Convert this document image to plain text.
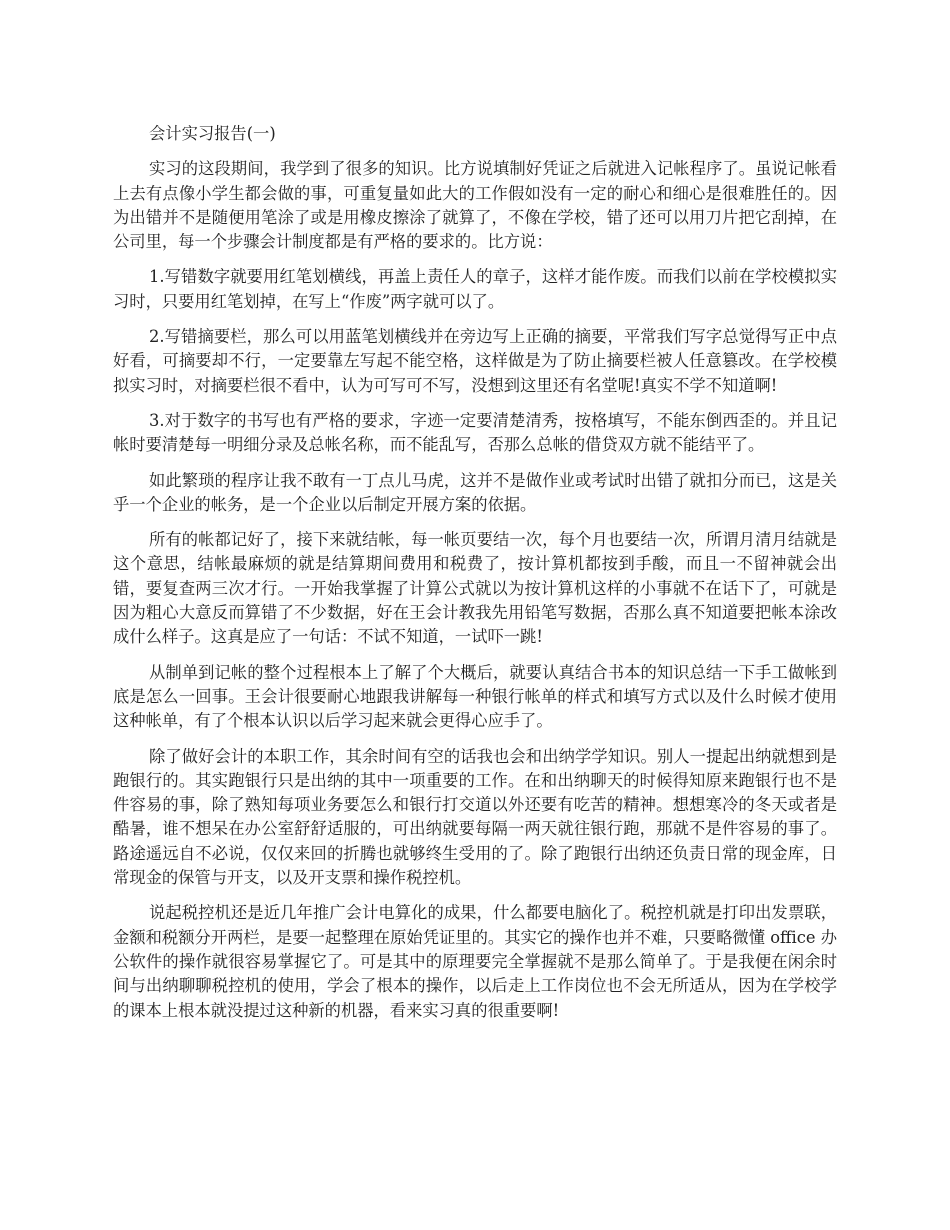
会计实习报告(一)

实习的这段期间，我学到了很多的知识。比方说填制好凭证之后就进入记帐程序了。虽说记帐看上去有点像小学生都会做的事，可重复量如此大的工作假如没有一定的耐心和细心是很难胜任的。因为出错并不是随便用笔涂了或是用橡皮擦涂了就算了，不像在学校，错了还可以用刀片把它刮掉，在公司里，每一个步骤会计制度都是有严格的要求的。比方说：

1.写错数字就要用红笔划横线，再盖上责任人的章子，这样才能作废。而我们以前在学校模拟实习时，只要用红笔划掉，在写上“作废”两字就可以了。

2.写错摘要栏，那么可以用蓝笔划横线并在旁边写上正确的摘要，平常我们写字总觉得写正中点好看，可摘要却不行，一定要靠左写起不能空格，这样做是为了防止摘要栏被人任意篡改。在学校模拟实习时，对摘要栏很不看中，认为可写可不写，没想到这里还有名堂呢!真实不学不知道啊!

3.对于数字的书写也有严格的要求，字迹一定要清楚清秀，按格填写，不能东倒西歪的。并且记帐时要清楚每一明细分录及总帐名称，而不能乱写，否那么总帐的借贷双方就不能结平了。

如此繁琐的程序让我不敢有一丁点儿马虎，这并不是做作业或考试时出错了就扣分而已，这是关乎一个企业的帐务，是一个企业以后制定开展方案的依据。

所有的帐都记好了，接下来就结帐，每一帐页要结一次，每个月也要结一次，所谓月清月结就是这个意思，结帐最麻烦的就是结算期间费用和税费了，按计算机都按到手酸，而且一不留神就会出错，要复查两三次才行。一开始我掌握了计算公式就以为按计算机这样的小事就不在话下了，可就是因为粗心大意反而算错了不少数据，好在王会计教我先用铅笔写数据，否那么真不知道要把帐本涂改成什么样子。这真是应了一句话：不试不知道，一试吓一跳!

从制单到记帐的整个过程根本上了解了个大概后，就要认真结合书本的知识总结一下手工做帐到底是怎么一回事。王会计很要耐心地跟我讲解每一种银行帐单的样式和填写方式以及什么时候才使用这种帐单，有了个根本认识以后学习起来就会更得心应手了。

除了做好会计的本职工作，其余时间有空的话我也会和出纳学学知识。别人一提起出纳就想到是跑银行的。其实跑银行只是出纳的其中一项重要的工作。在和出纳聊天的时候得知原来跑银行也不是件容易的事，除了熟知每项业务要怎么和银行打交道以外还要有吃苦的精神。想想寒冷的冬天或者是酷暑，谁不想呆在办公室舒舒适服的，可出纳就要每隔一两天就往银行跑，那就不是件容易的事了。路途遥远自不必说，仅仅来回的折腾也就够终生受用的了。除了跑银行出纳还负责日常的现金库，日常现金的保管与开支，以及开支票和操作税控机。

说起税控机还是近几年推广会计电算化的成果，什么都要电脑化了。税控机就是打印出发票联，金额和税额分开两栏，是要一起整理在原始凭证里的。其实它的操作也并不难，只要略微懂 office 办公软件的操作就很容易掌握它了。可是其中的原理要完全掌握就不是那么简单了。于是我便在闲余时间与出纳聊聊税控机的使用，学会了根本的操作，以后走上工作岗位也不会无所适从，因为在学校学的课本上根本就没提过这种新的机器，看来实习真的很重要啊!
